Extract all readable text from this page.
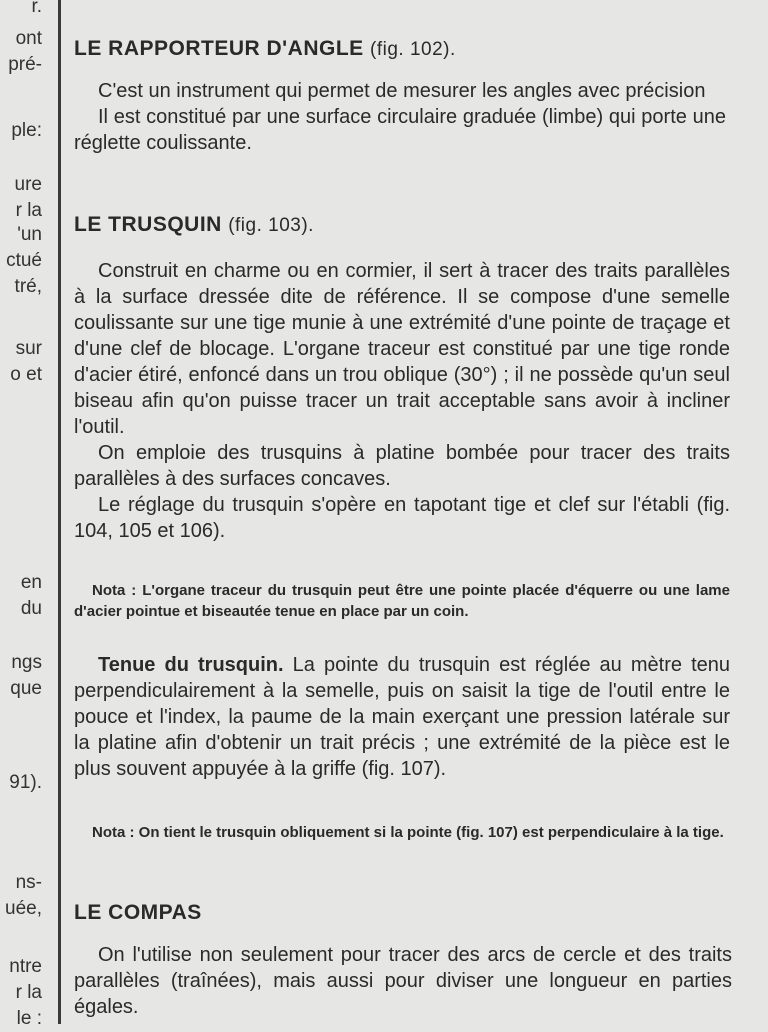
r.
ont
pré-
ple:
ure
r la
'un
ctué
tré,
sur
o et
en
du
ngs
que
91).
ns-
uée,
ntre
r la
le :
LE RAPPORTEUR D'ANGLE (fig. 102).

C'est un instrument qui permet de mesurer les angles avec précision

Il est constitué par une surface circulaire graduée (limbe) qui porte une réglette coulissante.

LE TRUSQUIN (fig. 103).

Construit en charme ou en cormier, il sert à tracer des traits parallèles à la surface dressée dite de référence. Il se compose d'une semelle coulissante sur une tige munie à une extrémité d'une pointe de traçage et d'une clef de blocage. L'organe traceur est constitué par une tige ronde d'acier étiré, enfoncé dans un trou oblique (30°) ; il ne possède qu'un seul biseau afin qu'on puisse tracer un trait acceptable sans avoir à incliner l'outil.

On emploie des trusquins à platine bombée pour tracer des traits parallèles à des surfaces concaves.

Le réglage du trusquin s'opère en tapotant tige et clef sur l'établi (fig. 104, 105 et 106).

Nota : L'organe traceur du trusquin peut être une pointe placée d'équerre ou une lame d'acier pointue et biseautée tenue en place par un coin.

Tenue du trusquin. La pointe du trusquin est réglée au mètre tenu perpendiculairement à la semelle, puis on saisit la tige de l'outil entre le pouce et l'index, la paume de la main exerçant une pression latérale sur la platine afin d'obtenir un trait précis ; une extrémité de la pièce est le plus souvent appuyée à la griffe (fig. 107).

Nota : On tient le trusquin obliquement si la pointe (fig. 107) est perpendiculaire à la tige.

LE COMPAS

On l'utilise non seulement pour tracer des arcs de cercle et des traits parallèles (traînées), mais aussi pour diviser une longueur en parties égales.
